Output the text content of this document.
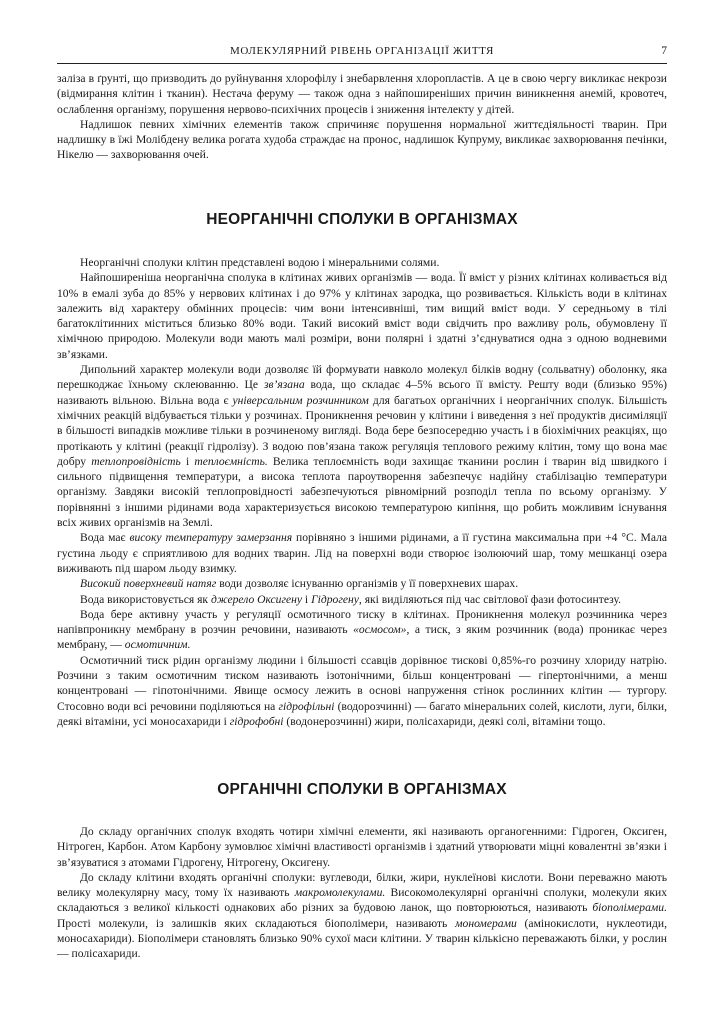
МОЛЕКУЛЯРНИЙ РІВЕНЬ ОРГАНІЗАЦІЇ ЖИТТЯ	7

заліза в ґрунті, що призводить до руйнування хлорофілу і знебарвлення хлоропластів. А це в свою чергу викликає некрози (відмирання клітин і тканин). Нестача феруму — також одна з найпоширеніших причин виникнення анемій, кровотеч, ослаблення організму, порушення нервово-психічних процесів і зниження інтелекту у дітей.

Надлишок певних хімічних елементів також спричиняє порушення нормальної життєдіяльності тварин. При надлишку в їжі Молібдену велика рогата худоба страждає на пронос, надлишок Купруму, викликає захворювання печінки, Нікелю — захворювання очей.

НЕОРГАНІЧНІ СПОЛУКИ В ОРГАНІЗМАХ

Неорганічні сполуки клітин представлені водою і мінеральними солями.

Найпоширеніша неорганічна сполука в клітинах живих організмів — вода. Її вміст у різних клітинах коливається від 10% в емалі зуба до 85% у нервових клітинах і до 97% у клітинах зародка, що розвивається. Кількість води в клітинах залежить від характеру обмінних процесів: чим вони інтенсивніші, тим вищий вміст води. У середньому в тілі багатоклітинних міститься близько 80% води. Такий високий вміст води свідчить про важливу роль, обумовлену її хімічною природою. Молекули води мають малі розміри, вони полярні і здатні з’єднуватися одна з одною водневими зв’язками.

Дипольний характер молекули води дозволяє їй формувати навколо молекул білків водну (сольватну) оболонку, яка перешкоджає їхньому склеюванню. Це зв’язана вода, що складає 4–5% всього її вмісту. Решту води (близько 95%) називають вільною. Вільна вода є універсальним розчинником для багатьох органічних і неорганічних сполук. Більшість хімічних реакцій відбувається тільки у розчинах. Проникнення речовин у клітини і виведення з неї продуктів дисиміляції в більшості випадків можливе тільки в розчиненому вигляді. Вода бере безпосередню участь і в біохімічних реакціях, що протікають у клітині (реакції гідролізу). З водою пов’язана також регуляція теплового режиму клітин, тому що вона має добру теплопровідність і теплоємність. Велика теплоємність води захищає тканини рослин і тварин від швидкого і сильного підвищення температури, а висока теплота пароутворення забезпечує надійну стабілізацію температури організму. Завдяки високій теплопровідності забезпечуються рівномірний розподіл тепла по всьому організму. У порівнянні з іншими рідинами вода характеризується високою температурою кипіння, що робить можливим існування всіх живих організмів на Землі.

Вода має високу температуру замерзання порівняно з іншими рідинами, а її густина максимальна при +4 °С. Мала густина льоду є сприятливою для водних тварин. Лід на поверхні води створює ізолюючий шар, тому мешканці озера виживають під шаром льоду взимку.

Високий поверхневий натяг води дозволяє існуванню організмів у її поверхневих шарах.

Вода використовується як джерело Оксигену і Гідрогену, які виділяються під час світлової фази фотосинтезу.

Вода бере активну участь у регуляції осмотичного тиску в клітинах. Проникнення молекул розчинника через напівпроникну мембрану в розчин речовини, називають «осмосом», а тиск, з яким розчинник (вода) проникає через мембрану, — осмотичним.

Осмотичний тиск рідин організму людини і більшості ссавців дорівнює тискові 0,85%-го розчину хлориду натрію. Розчини з таким осмотичним тиском називають ізотонічними, більш концентровані — гіпертонічними, а менш концентровані — гіпотонічними. Явище осмосу лежить в основі напруження стінок рослинних клітин — тургору. Стосовно води всі речовини поділяються на гідрофільні (водорозчинні) — багато мінеральних солей, кислоти, луги, білки, деякі вітаміни, усі моносахариди і гідрофобні (водонерозчинні) жири, полісахариди, деякі солі, вітаміни тощо.

ОРГАНІЧНІ СПОЛУКИ В ОРГАНІЗМАХ

До складу органічних сполук входять чотири хімічні елементи, які називають органогенними: Гідроген, Оксиген, Нітроген, Карбон. Атом Карбону зумовлює хімічні властивості організмів і здатний утворювати міцні ковалентні зв’язки і зв’язуватися з атомами Гідрогену, Нітрогену, Оксигену.

До складу клітини входять органічні сполуки: вуглеводи, білки, жири, нуклеїнові кислоти. Вони переважно мають велику молекулярну масу, тому їх називають макромолекулами. Високомолекулярні органічні сполуки, молекули яких складаються з великої кількості однакових або різних за будовою ланок, що повторюються, називають біополімерами. Прості молекули, із залишків яких складаються біополімери, називають мономерами (амінокислоти, нуклеотиди, моносахариди). Біополімери становлять близько 90% сухої маси клітини. У тварин кількісно переважають білки, у рослин — полісахариди.
